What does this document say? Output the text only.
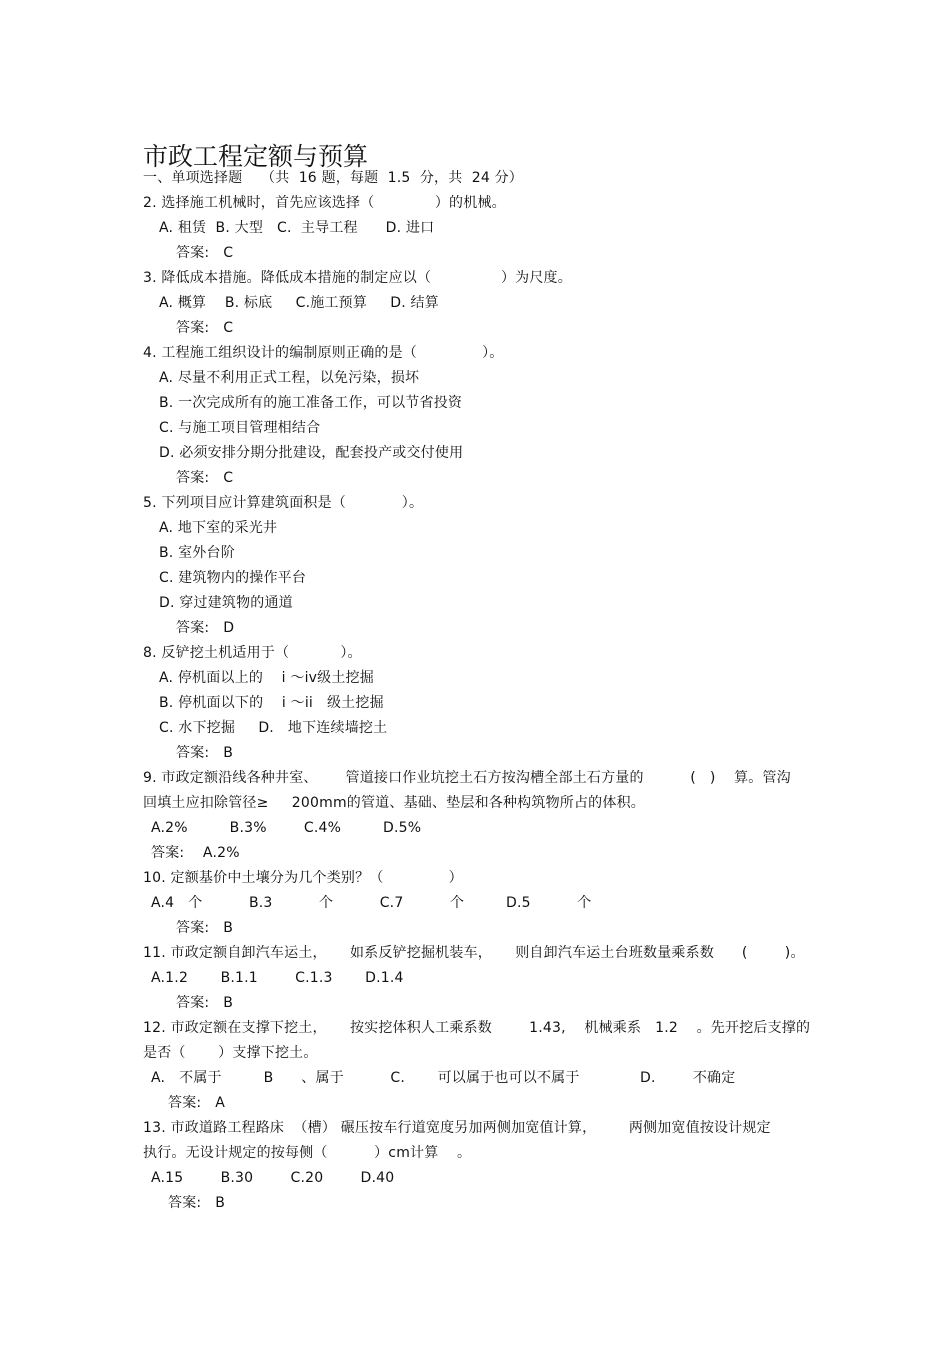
市政工程定额与预算
一、单项选择题    （共  16 题，每题  1.5  分，共  24 分）
2. 选择施工机械时，首先应该选择（             ）的机械。
A. 租赁  B. 大型   C.  主导工程      D. 进口
答案:   C
3. 降低成本措施。降低成本措施的制定应以（               ）为尺度。
A. 概算    B. 标底     C.施工预算     D. 结算
答案:   C
4. 工程施工组织设计的编制原则正确的是（              ）。
A. 尽量不利用正式工程，以免污染，损坏
B. 一次完成所有的施工准备工作，可以节省投资
C. 与施工项目管理相结合
D. 必须安排分期分批建设，配套投产或交付使用
答案:   C
5. 下列项目应计算建筑面积是（            ）。
A. 地下室的采光井
B. 室外台阶
C. 建筑物内的操作平台
D. 穿过建筑物的通道
答案:   D
8. 反铲挖土机适用于（           ）。
A. 停机面以上的    i ～iv级土挖掘
B. 停机面以下的    i ～ii   级土挖掘
C. 水下挖掘     D.   地下连续墙挖土
答案:   B
9. 市政定额沿线各种井室、      管道接口作业坑挖土石方按沟槽全部土石方量的          (   )    算。管沟
回填土应扣除管径≥     200mm的管道、基础、垫层和各种构筑物所占的体积。
A.2%         B.3%        C.4%         D.5%
答案:    A.2%
10. 定额基价中土壤分为几个类别？（              ）
A.4   个          B.3          个          C.7          个         D.5          个
答案:   B
11. 市政定额自卸汽车运土，     如系反铲挖掘机装车，     则自卸汽车运土台班数量乘系数      (        )。
A.1.2       B.1.1        C.1.3       D.1.4
答案:   B
12. 市政定额在支撑下挖土，     按实挖体积人工乘系数        1.43,    机械乘系   1.2    。先开挖后支撑的
是否（       ）支撑下挖土。
A.   不属于         B      、属于          C.       可以属于也可以不属于             D.        不确定
答案:   A
13. 市政道路工程路床  （槽） 碾压按车行道宽度另加两侧加宽值计算，       两侧加宽值按设计规定
执行。无设计规定的按每侧（          ）cm计算    。
A.15        B.30        C.20        D.40
答案:   B
